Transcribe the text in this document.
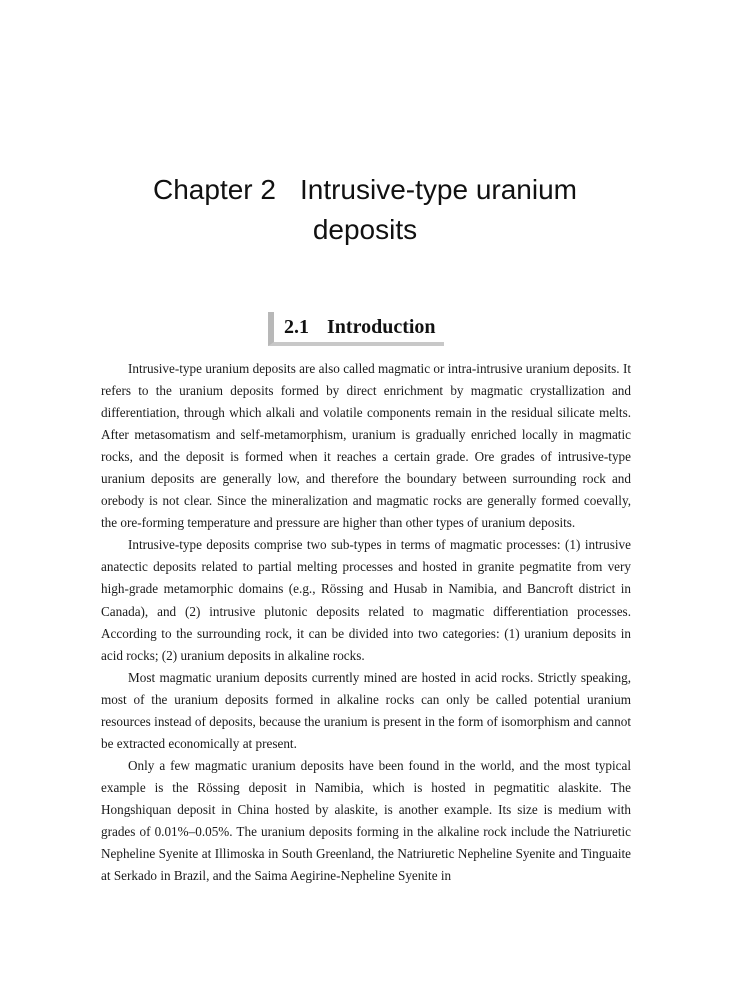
Chapter 2 Intrusive-type uranium
deposits
2.1 Introduction

Intrusive-type uranium deposits are also called magmatic or intra-intrusive uranium deposits. It refers to the uranium deposits formed by direct enrichment by magmatic crystallization and differentiation, through which alkali and volatile components remain in the residual silicate melts. After metasomatism and self-metamorphism, uranium is gradually enriched locally in magmatic rocks, and the deposit is formed when it reaches a certain grade. Ore grades of intrusive-type uranium deposits are generally low, and therefore the boundary between surrounding rock and orebody is not clear. Since the mineralization and magmatic rocks are generally formed coevally, the ore-forming temperature and pressure are higher than other types of uranium deposits.

Intrusive-type deposits comprise two sub-types in terms of magmatic processes: (1) intrusive anatectic deposits related to partial melting processes and hosted in granite pegmatite from very high-grade metamorphic domains (e.g., Rössing and Husab in Namibia, and Bancroft district in Canada), and (2) intrusive plutonic deposits related to magmatic differentiation processes. According to the surrounding rock, it can be divided into two categories: (1) uranium deposits in acid rocks; (2) uranium deposits in alkaline rocks.

Most magmatic uranium deposits currently mined are hosted in acid rocks. Strictly speaking, most of the uranium deposits formed in alkaline rocks can only be called potential uranium resources instead of deposits, because the uranium is present in the form of isomorphism and cannot be extracted economically at present.

Only a few magmatic uranium deposits have been found in the world, and the most typical example is the Rössing deposit in Namibia, which is hosted in pegmatitic alaskite. The Hongshiquan deposit in China hosted by alaskite, is another example. Its size is medium with grades of 0.01%–0.05%. The uranium deposits forming in the alkaline rock include the Natriuretic Nepheline Syenite at Illimoska in South Greenland, the Natriuretic Nepheline Syenite and Tinguaite at Serkado in Brazil, and the Saima Aegirine-Nepheline Syenite in
